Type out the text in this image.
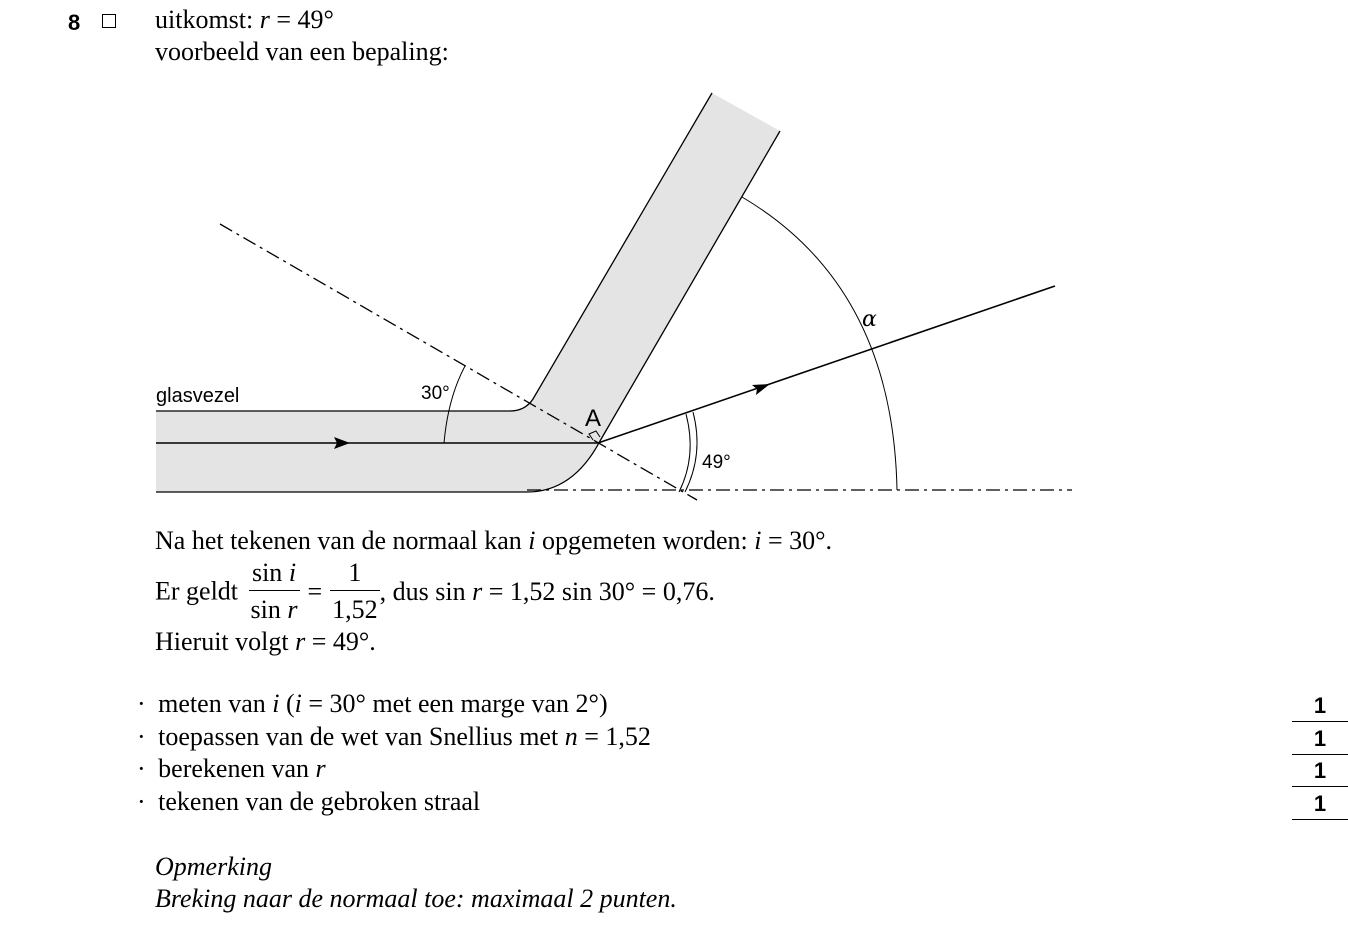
8	uitkomst: r = 49°
voorbeeld van een bepaling:
glasvezel	30°
A
49°
α
Na het tekenen van de normaal kan i opgemeten worden: i = 30°.
Er geldt $\frac{\text{sin i}}{\text{sin r}} = \frac{1}{1,52}$ , dus sin r = 1,52 sin 30° = 0,76.
Hieruit volgt r = 49°.
· meten van i (i = 30° met een marge van 2°)	1
· toepassen van de wet van Snellius met n = 1,52	1
· berekenen van r	1
· tekenen van de gebroken straal	1
Opmerking
Breking naar de normaal toe: maximaal 2 punten.
